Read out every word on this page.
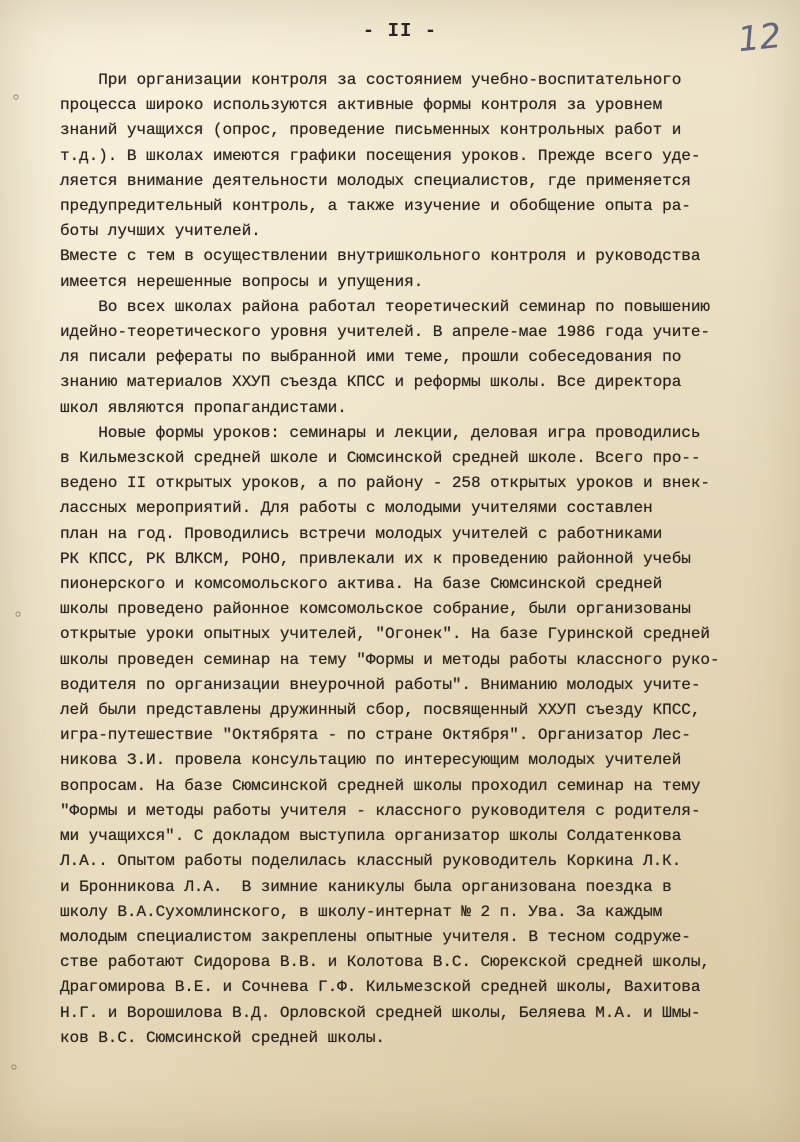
- II -	12
⸰
⸰
⸰
При организации контроля за состоянием учебно-воспитательного
процесса широко используются активные формы контроля за уровнем
знаний учащихся (опрос, проведение письменных контрольных работ и
т.д.). В школах имеются графики посещения уроков. Прежде всего уде-
ляется внимание деятельности молодых специалистов, где применяется
предупредительный контроль, а также изучение и обобщение опыта ра-
боты лучших учителей.
Вместе с тем в осуществлении внутришкольного контроля и руководства
имеется нерешенные вопросы и упущения.
Во всех школах района работал теоретический семинар по повышению
идейно-теоретического уровня учителей. В апреле-мае 1986 года учите-
ля писали рефераты по выбранной ими теме, прошли собеседования по
знанию материалов ХХУП съезда КПСС и реформы школы. Все директора
школ являются пропагандистами.
Новые формы уроков: семинары и лекции, деловая игра проводились
в Кильмезской средней школе и Сюмсинской средней школе. Всего про--
ведено II открытых уроков, а по району - 258 открытых уроков и внек-
лассных мероприятий. Для работы с молодыми учителями составлен
план на год. Проводились встречи молодых учителей с работниками
РК КПСС, РК ВЛКСМ, РОНО, привлекали их к проведению районной учебы
пионерского и комсомольского актива. На базе Сюмсинской средней
школы проведено районное комсомольское собрание, были организованы
открытые уроки опытных учителей, "Огонек". На базе Гуринской средней
школы проведен семинар на тему "Формы и методы работы классного руко-
водителя по организации внеурочной работы". Вниманию молодых учите-
лей были представлены дружинный сбор, посвященный ХХУП съезду КПСС,
игра-путешествие "Октябрята - по стране Октября". Организатор Лес-
никова З.И. провела консультацию по интересующим молодых учителей
вопросам. На базе Сюмсинской средней школы проходил семинар на тему
"Формы и методы работы учителя - классного руководителя с родителя-
ми учащихся". С докладом выступила организатор школы Солдатенкова
Л.А.. Опытом работы поделилась классный руководитель Коркина Л.К.
и Бронникова Л.А.  В зимние каникулы была организована поездка в
школу В.А.Сухомлинского, в школу-интернат № 2 п. Ува. За каждым
молодым специалистом закреплены опытные учителя. В тесном содруже-
стве работают Сидорова В.В. и Колотова В.С. Сюрекской средней школы,
Драгомирова В.Е. и Сочнева Г.Ф. Кильмезской средней школы, Вахитова
Н.Г. и Ворошилова В.Д. Орловской средней школы, Беляева М.А. и Шмы-
ков В.С. Сюмсинской средней школы.
